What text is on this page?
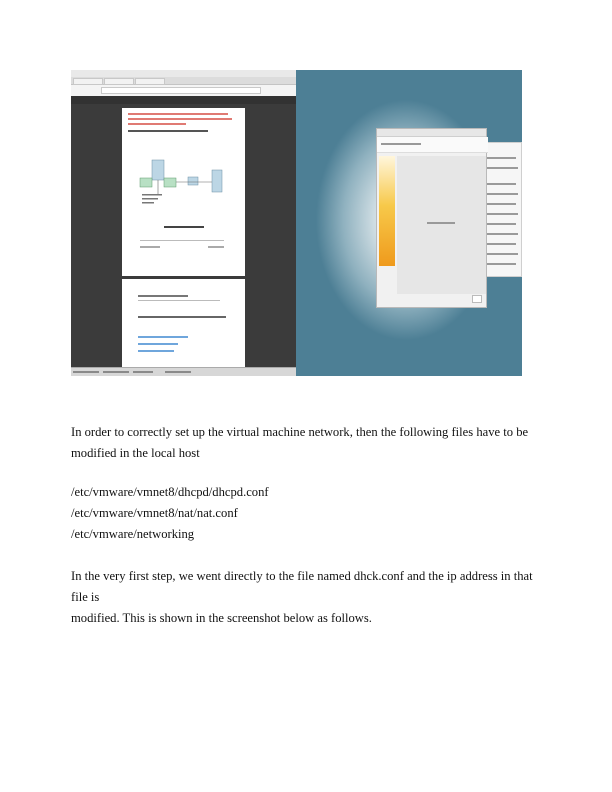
In order to correctly set up the virtual machine network, then the following files have to be

modified in the local host

/etc/vmware/vmnet8/dhcpd/dhcpd.conf

/etc/vmware/vmnet8/nat/nat.conf

/etc/vmware/networking

In the very first step, we went directly to the file named dhck.conf and the ip address in that file is

modified. This is shown in the screenshot below as follows.
